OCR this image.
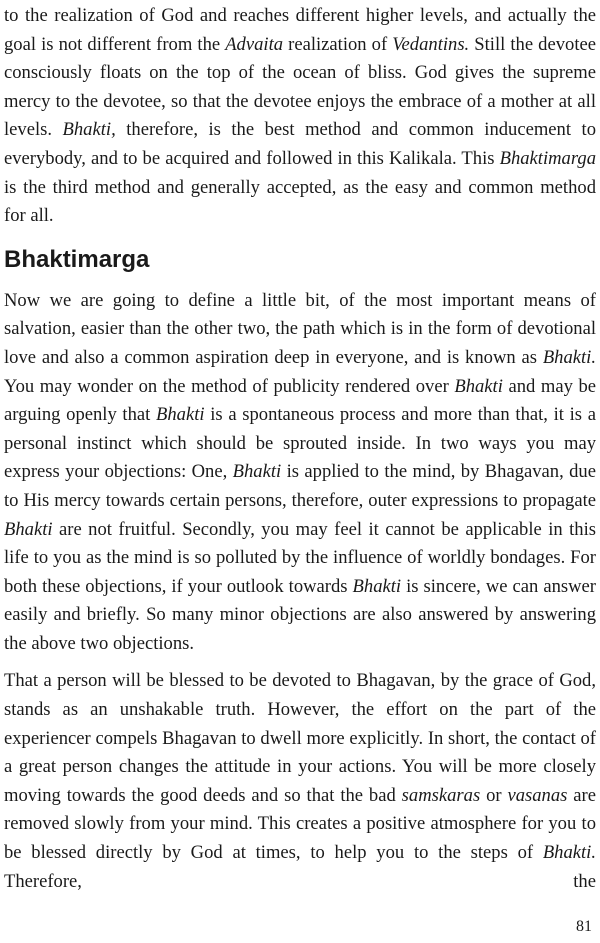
to the realization of God and reaches different higher levels, and actually the goal is not different from the Advaita realization of Vedantins. Still the devotee consciously floats on the top of the ocean of bliss. God gives the supreme mercy to the devotee, so that the devotee enjoys the embrace of a mother at all levels. Bhakti, therefore, is the best method and common inducement to everybody, and to be acquired and followed in this Kalikala. This Bhaktimarga is the third method and generally accepted, as the easy and common method for all.

Bhaktimarga

Now we are going to define a little bit, of the most important means of salvation, easier than the other two, the path which is in the form of devotional love and also a common aspiration deep in everyone, and is known as Bhakti. You may wonder on the method of publicity rendered over Bhakti and may be arguing openly that Bhakti is a spontaneous process and more than that, it is a personal instinct which should be sprouted inside. In two ways you may express your objections: One, Bhakti is applied to the mind, by Bhagavan, due to His mercy towards certain persons, therefore, outer expressions to propagate Bhakti are not fruitful. Secondly, you may feel it cannot be applicable in this life to you as the mind is so polluted by the influence of worldly bondages. For both these objections, if your outlook towards Bhakti is sincere, we can answer easily and briefly. So many minor objections are also answered by answering the above two objections.

That a person will be blessed to be devoted to Bhagavan, by the grace of God, stands as an unshakable truth. However, the effort on the part of the experiencer compels Bhagavan to dwell more explicitly. In short, the contact of a great person changes the attitude in your actions. You will be more closely moving towards the good deeds and so that the bad samskaras or vasanas are removed slowly from your mind. This creates a positive atmosphere for you to be blessed directly by God at times, to help you to the steps of Bhakti. Therefore, the

81
